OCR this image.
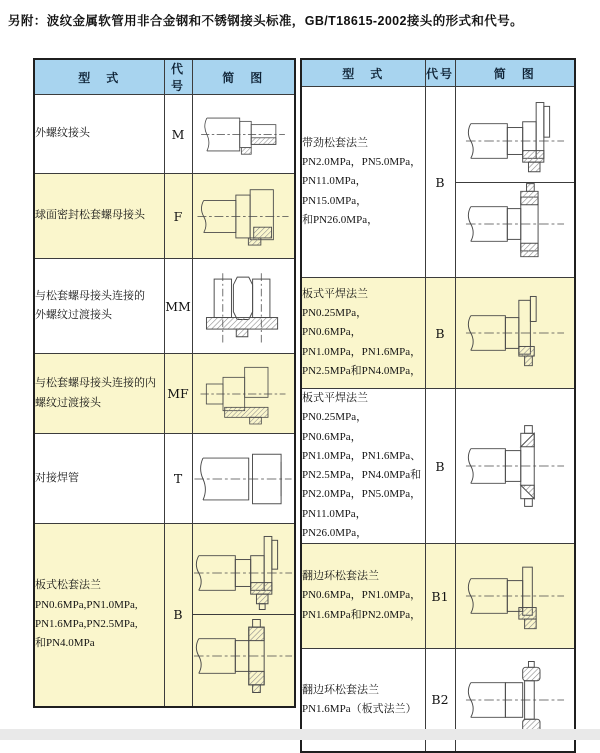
另附：波纹金属软管用非合金钢和不锈钢接头标准，GB/T18615-2002接头的形式和代号。
型　式	代号	简　图

外螺纹接头	M	

球面密封松套螺母接头	F	

与松套螺母接头连接的
外螺纹过渡接头	MM	

与松套螺母接头连接的内
螺纹过渡接头	MF	

对接焊管	T	

板式松套法兰
PN0.6MPa,PN1.0MPa,
PN1.6MPa,PN2.5MPa,
和PN4.0MPa	B	
型　式	代号	简　图

带劲松套法兰
PN2.0MPa，PN5.0MPa，
PN11.0MPa，PN15.0MPa，
和PN26.0MPa，	B	

板式平焊法兰
PN0.25MPa，PN0.6MPa，
PN1.0MPa，PN1.6MPa，
PN2.5MPa和PN4.0MPa，	B	

板式平焊法兰
PN0.25MPa，PN0.6MPa，
PN1.0MPa，PN1.6MPa、
PN2.5MPa，PN4.0MPa和
PN2.0MPa，PN5.0MPa，
PN11.0MPa，PN26.0MPa，
	B	

翻边环松套法兰
PN0.6MPa，PN1.0MPa，
PN1.6MPa和PN2.0MPa，	B1	

翻边环松套法兰
PN1.6MPa（板式法兰）	B2	
